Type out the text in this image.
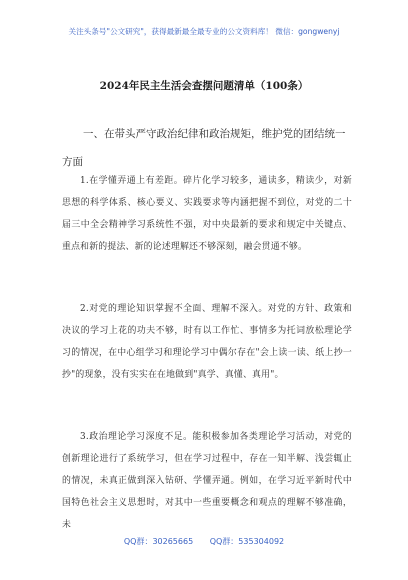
关注头条号"公文研究"，获得最新最全最专业的公文资料库！ 微信：gongwenyj
2024年民主生活会查摆问题清单（100条）
一、在带头严守政治纪律和政治规矩，维护党的团结统一方面
1.在学懂弄通上有差距。碎片化学习较多，通读多，精读少，对新思想的科学体系、核心要义、实践要求等内涵把握不到位，对党的二十届三中全会精神学习系统性不强，对中央最新的要求和规定中关键点、重点和新的提法、新的论述理解还不够深刻，融会贯通不够。
2.对党的理论知识掌握不全面、理解不深入。对党的方针、政策和决议的学习上花的功夫不够，时有以工作忙、事情多为托词放松理论学习的情况，在中心组学习和理论学习中偶尔存在"会上读一读、纸上抄一抄"的现象，没有实实在在地做到"真学、真懂、真用"。
3.政治理论学习深度不足。能积极参加各类理论学习活动，对党的创新理论进行了系统学习，但在学习过程中，存在一知半解、浅尝辄止的情况，未真正做到深入钻研、学懂弄通。例如，在学习近平新时代中国特色社会主义思想时，对其中一些重要概念和观点的理解不够准确，未
QQ群：30265665 QQ群：535304092
